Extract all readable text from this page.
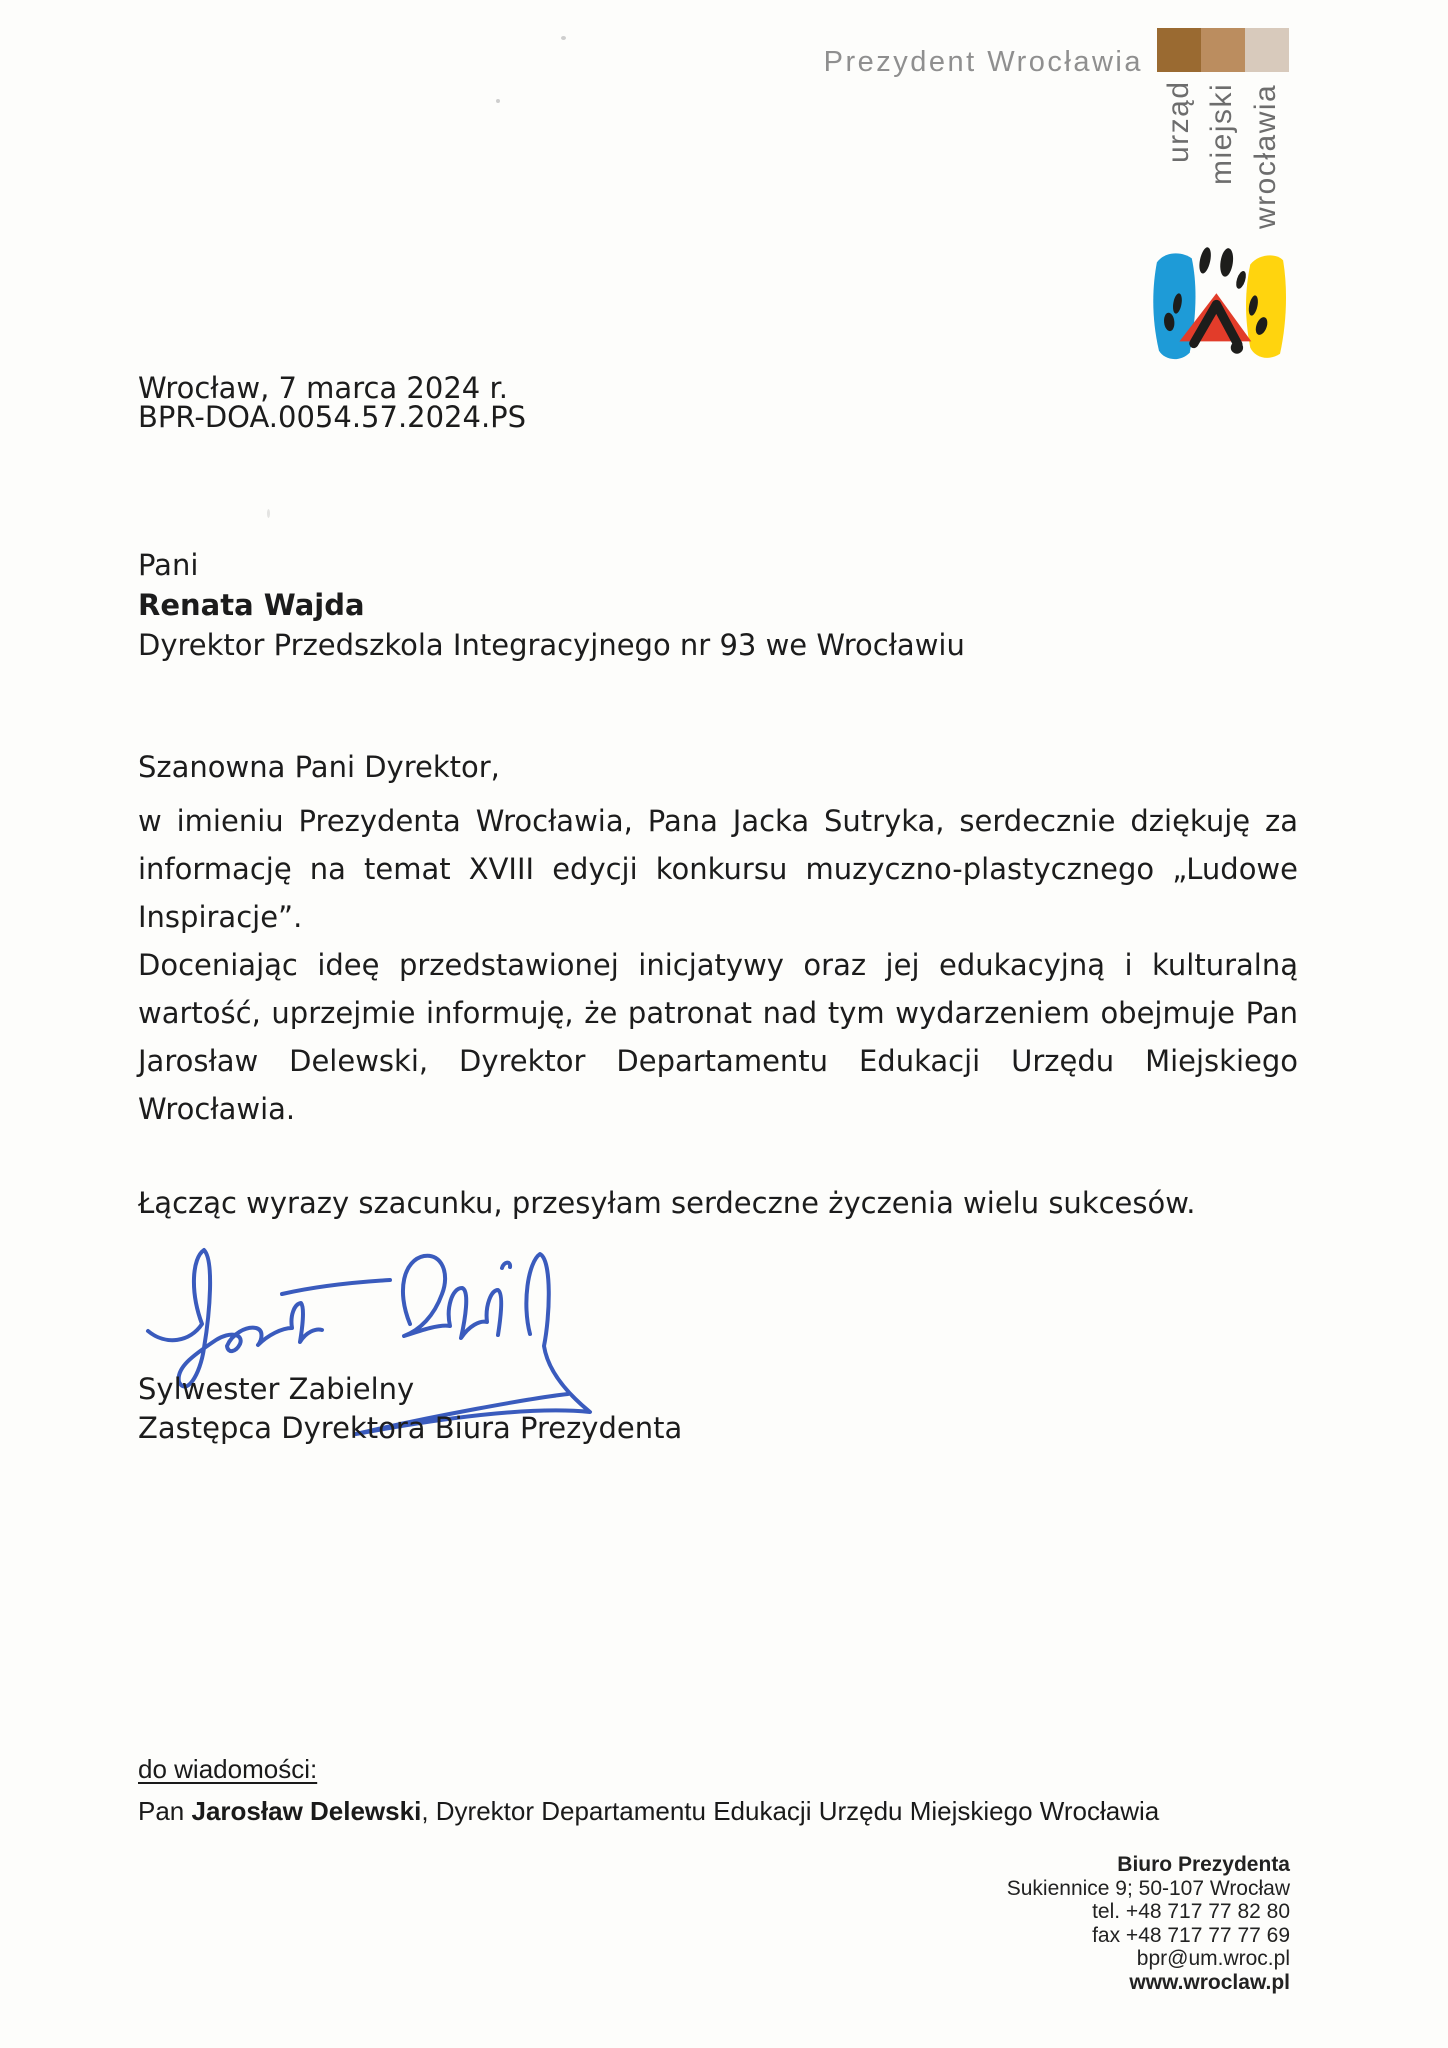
Prezydent Wrocławia
urząd miejski wrocławia
Wrocław, 7 marca 2024 r.
BPR-DOA.0054.57.2024.PS
Pani
Renata Wajda
Dyrektor Przedszkola Integracyjnego nr 93 we Wrocławiu
Szanowna Pani Dyrektor,
w imieniu Prezydenta Wrocławia, Pana Jacka Sutryka, serdecznie dziękuję za
informację na temat XVIII edycji konkursu muzyczno-plastycznego „Ludowe
Inspiracje”.
Doceniając ideę przedstawionej inicjatywy oraz jej edukacyjną i kulturalną
wartość, uprzejmie informuję, że patronat nad tym wydarzeniem obejmuje Pan
Jarosław Delewski, Dyrektor Departamentu Edukacji Urzędu Miejskiego
Wrocławia.
Łącząc wyrazy szacunku, przesyłam serdeczne życzenia wielu sukcesów.
Sylwester Zabielny
Zastępca Dyrektora Biura Prezydenta
do wiadomości:
Pan Jarosław Delewski, Dyrektor Departamentu Edukacji Urzędu Miejskiego Wrocławia
Biuro Prezydenta
Sukiennice 9; 50-107 Wrocław
tel. +48 717 77 82 80
fax +48 717 77 77 69
bpr@um.wroc.pl
www.wroclaw.pl
